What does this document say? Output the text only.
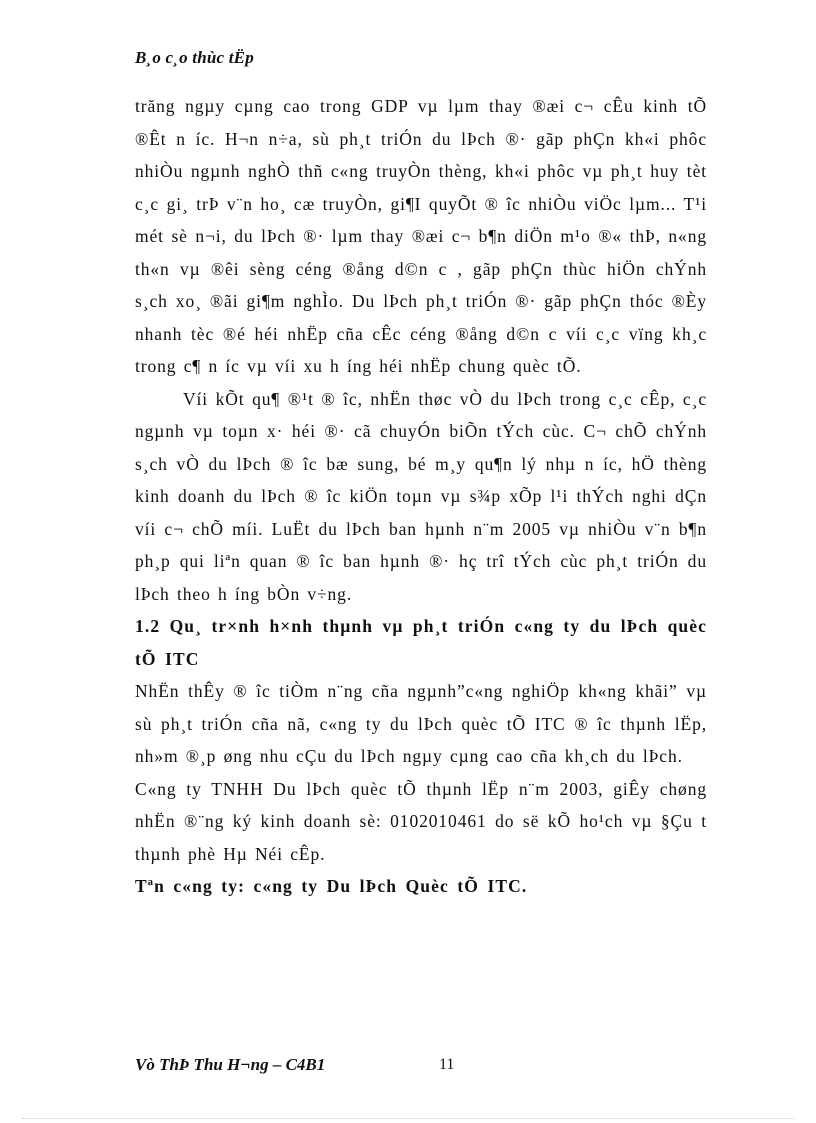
B¸o c¸o thùc tËp

trăng ngµy cµng cao trong GDP vµ lµm thay ®æi c¬ cÊu kinh tÕ ®Êt n íc. H¬n n÷a, sù ph¸t triÓn du lÞch ®· gãp phÇn kh«i phôc nhiÒu ngµnh nghÒ thñ c«ng truyÒn thèng, kh«i phôc vµ ph¸t huy tèt c¸c gi¸ trÞ v¨n ho¸ cæ truyÒn, gi¶I quyÕt ® îc nhiÒu viÖc lµm... T¹i mét sè n¬i, du lÞch ®· lµm thay ®æi c¬ b¶n diÖn m¹o ®« thÞ, n«ng th«n vµ ®êi sèng céng ®ång d©n c , gãp phÇn thùc hiÖn chÝnh s¸ch xo¸ ®ãi gi¶m nghÌo. Du lÞch ph¸t triÓn ®· gãp phÇn thóc ®Èy nhanh tèc ®é héi nhËp cña cÊc céng ®ång d©n c víi c¸c vïng kh¸c trong c¶ n íc vµ víi xu h íng héi nhËp chung quèc tÕ.

Víi kÕt qu¶ ®¹t ® îc, nhËn thøc vÒ du lÞch trong c¸c cÊp, c¸c ngµnh vµ toµn x· héi ®· cã chuyÓn biÕn tÝch cùc. C¬ chÕ chÝnh s¸ch vÒ du lÞch ® îc bæ sung, bé m¸y qu¶n lý nhµ n íc, hÖ thèng kinh doanh du lÞch ® îc kiÖn toµn vµ s¾p xÕp l¹i thÝch nghi dÇn víi c¬ chÕ míi. LuËt du lÞch ban hµnh n¨m 2005 vµ nhiÒu v¨n b¶n ph¸p qui liªn quan ® îc ban hµnh ®· hç trî tÝch cùc ph¸t triÓn du lÞch theo h íng bÒn v÷ng.

1.2 Qu¸ tr×nh h×nh thµnh vµ ph¸t triÓn c«ng ty du lÞch quèc tÕ ITC

NhËn thÊy ® îc tiÒm n¨ng cña ngµnh”c«ng nghiÖp kh«ng khãi” vµ sù ph¸t triÓn cña nã, c«ng ty du lÞch quèc tÕ ITC ® îc thµnh lËp, nh»m ®¸p øng nhu cÇu du lÞch ngµy cµng cao cña kh¸ch du lÞch.

C«ng ty TNHH Du lÞch quèc tÕ thµnh lËp n¨m 2003, giÊy chøng nhËn ®¨ng ký kinh doanh sè: 0102010461 do së kÕ ho¹ch vµ §Çu t thµnh phè Hµ Néi cÊp.

Tªn c«ng ty: c«ng ty Du lÞch Quèc tÕ ITC.

Vò ThÞ Thu H¬ng – C4B1	11
